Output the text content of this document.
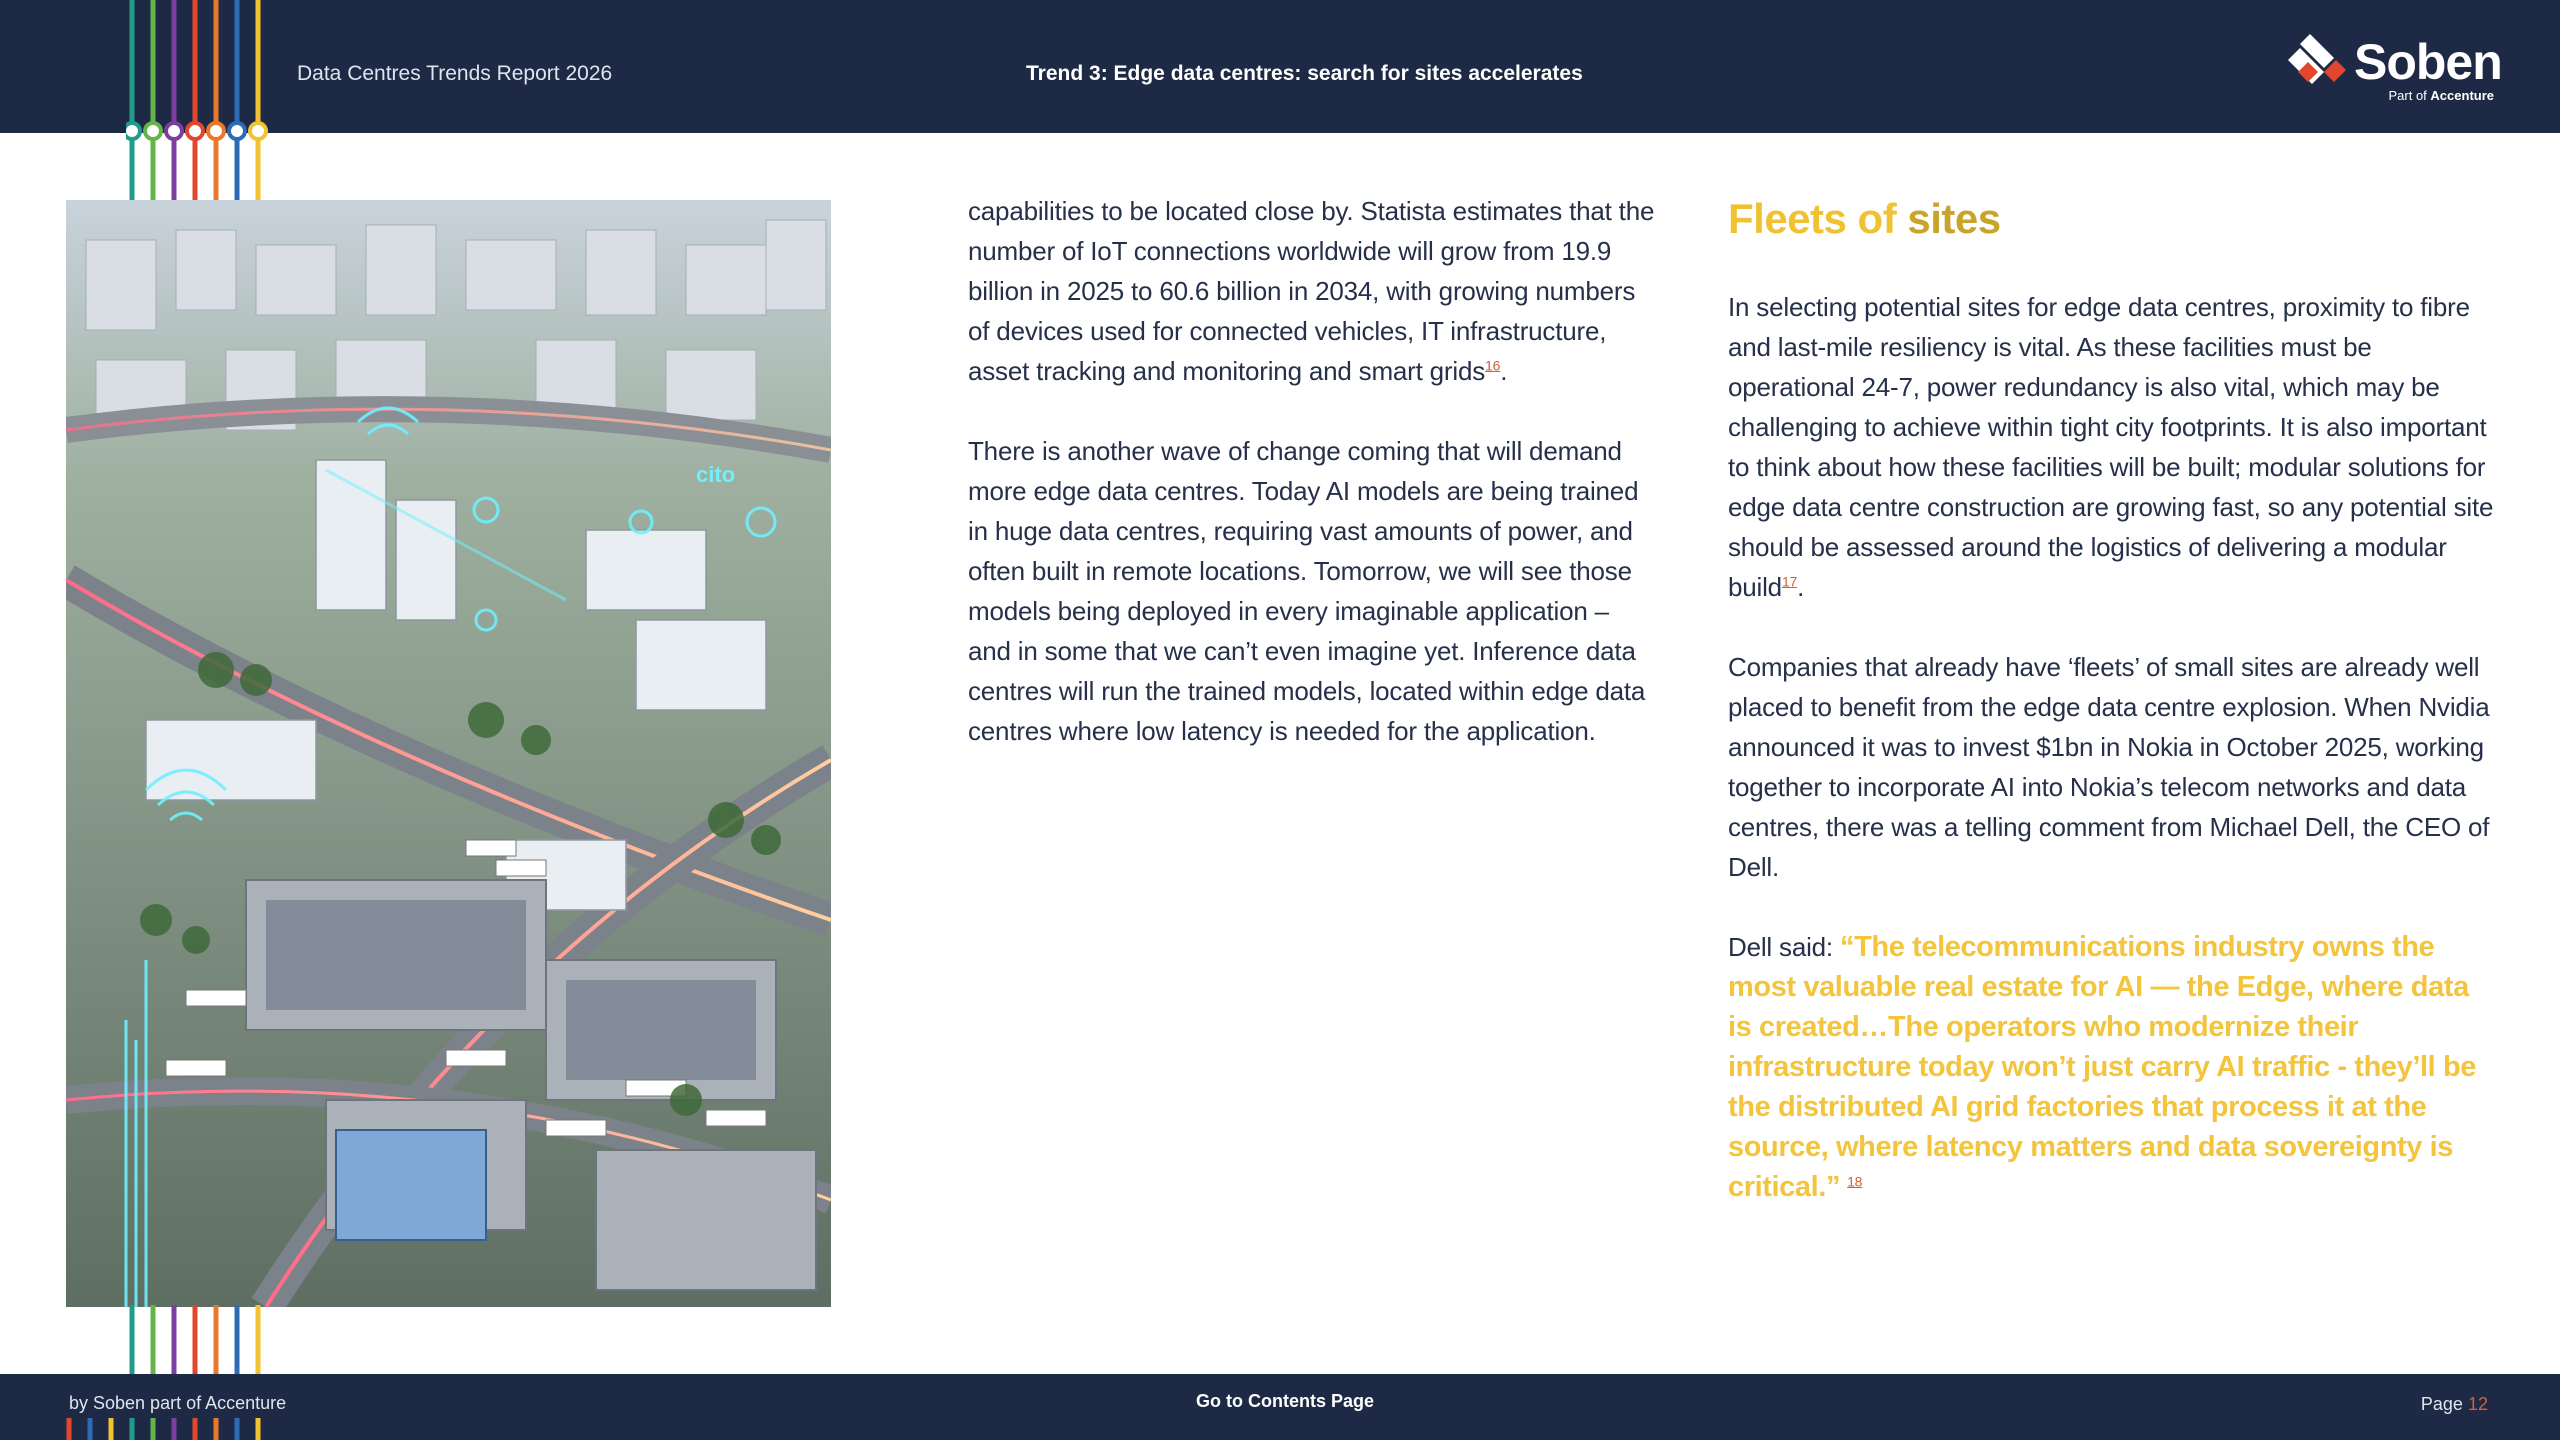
Data Centres Trends Report 2026	Trend 3: Edge data centres: search for sites accelerates	Soben
Part of Accenture
cito

capabilities to be located close by. Statista estimates that the number of IoT connections worldwide will grow from 19.9 billion in 2025 to 60.6 billion in 2034, with growing numbers of devices used for connected vehicles, IT infrastructure, asset tracking and monitoring and smart grids$^{16}$.

There is another wave of change coming that will demand more edge data centres. Today AI models are being trained in huge data centres, requiring vast amounts of power, and often built in remote locations. Tomorrow, we will see those models being deployed in every imaginable application – and in some that we can’t even imagine yet. Inference data centres will run the trained models, located within edge data centres where low latency is needed for the application.

Fleets of sites

In selecting potential sites for edge data centres, proximity to fibre and last-mile resiliency is vital. As these facilities must be operational 24-7, power redundancy is also vital, which may be challenging to achieve within tight city footprints. It is also important to think about how these facilities will be built; modular solutions for edge data centre construction are growing fast, so any potential site should be assessed around the logistics of delivering a modular build$^{17}$.

Companies that already have ‘fleets’ of small sites are already well placed to benefit from the edge data centre explosion. When Nvidia announced it was to invest $1bn in Nokia in October 2025, working together to incorporate AI into Nokia’s telecom networks and data centres, there was a telling comment from Michael Dell, the CEO of Dell.

Dell said: “The telecommunications industry owns the most valuable real estate for AI — the Edge, where data is created…The operators who modernize their infrastructure today won’t just carry AI traffic - they’ll be the distributed AI grid factories that process it at the source, where latency matters and data sovereignty is critical.” $^{18}$

by Soben part of Accenture	Go to Contents Page	Page 12
